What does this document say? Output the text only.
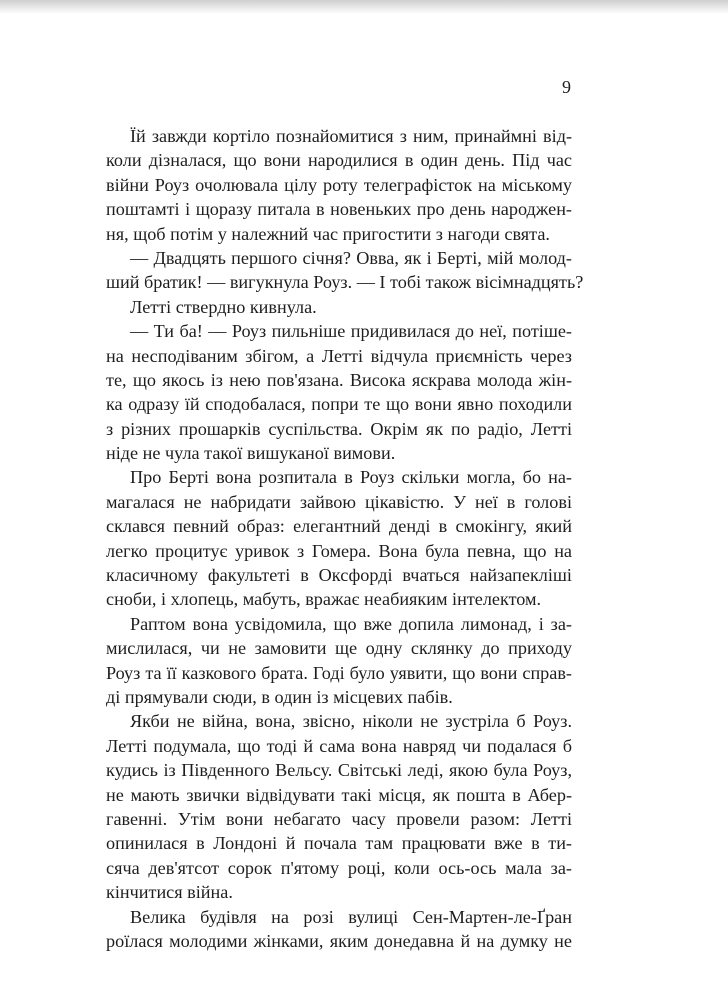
9
Їй завжди кортіло познайомитися з ним, принаймні від-
коли дізналася, що вони народилися в один день. Під час
війни Роуз очолювала цілу роту телеграфісток на міському
поштамті і щоразу питала в новеньких про день народжен-
ня, щоб потім у належний час пригостити з нагоди свята.
— Двадцять першого січня? Овва, як і Берті, мій молод-
ший братик! — вигукнула Роуз. — І тобі також вісімнадцять?
Летті ствердно кивнула.
— Ти ба! — Роуз пильніше придивилася до неї, потіше-
на несподіваним збігом, а Летті відчула приємність через
те, що якось із нею пов'язана. Висока яскрава молода жін-
ка одразу їй сподобалася, попри те що вони явно походили
з різних прошарків суспільства. Окрім як по радіо, Летті
ніде не чула такої вишуканої вимови.
Про Берті вона розпитала в Роуз скільки могла, бо на-
магалася не набридати зайвою цікавістю. У неї в голові
склався певний образ: елегантний денді в смокінгу, який
легко процитує уривок з Гомера. Вона була певна, що на
класичному факультеті в Оксфорді вчаться найзапекліші
сноби, і хлопець, мабуть, вражає неабияким інтелектом.
Раптом вона усвідомила, що вже допила лимонад, і за-
мислилася, чи не замовити ще одну склянку до приходу
Роуз та її казкового брата. Годі було уявити, що вони справ-
ді прямували сюди, в один із місцевих пабів.
Якби не війна, вона, звісно, ніколи не зустріла б Роуз.
Летті подумала, що тоді й сама вона навряд чи подалася б
кудись із Південного Вельсу. Світські леді, якою була Роуз,
не мають звички відвідувати такі місця, як пошта в Абер-
гавенні. Утім вони небагато часу провели разом: Летті
опинилася в Лондоні й почала там працювати вже в ти-
сяча дев'ятсот сорок п'ятому році, коли ось-ось мала за-
кінчитися війна.
Велика будівля на розі вулиці Сен-Мартен-ле-Ґран
роїлася молодими жінками, яким донедавна й на думку не
